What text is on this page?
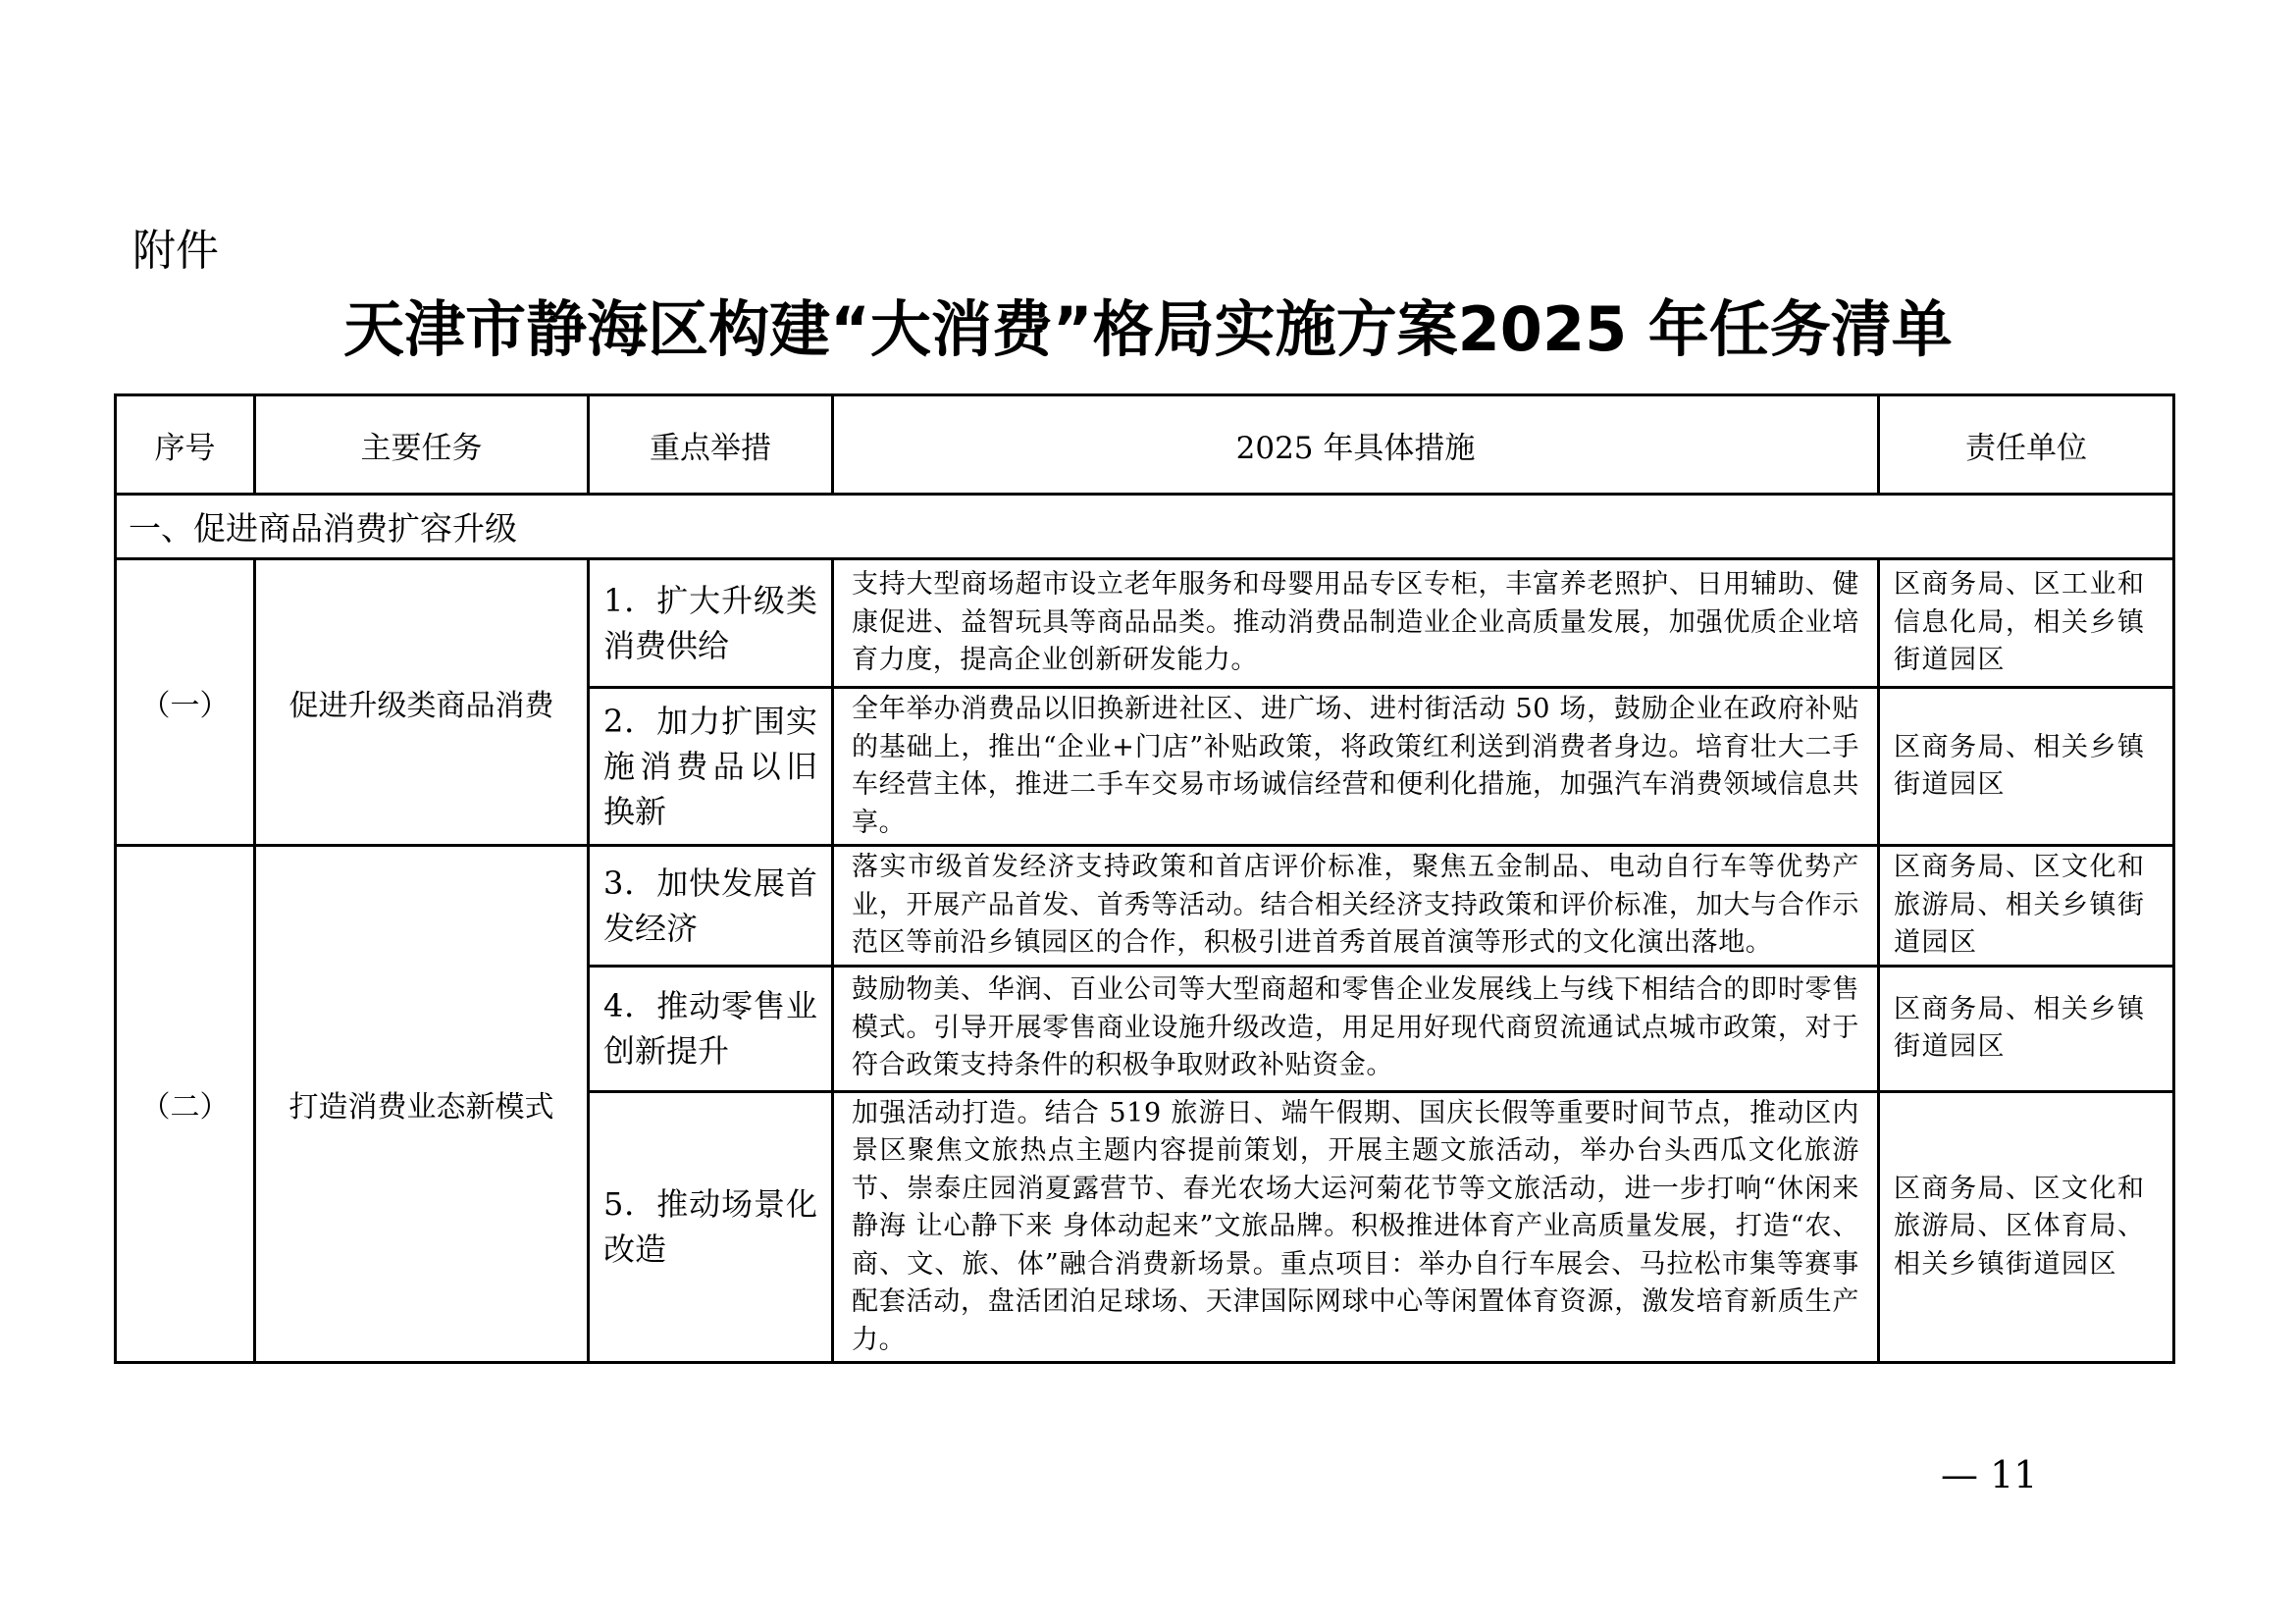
附件
天津市静海区构建“大消费”格局实施方案2025 年任务清单
序号	主要任务	重点举措	2025 年具体措施	责任单位
一、促进商品消费扩容升级				
（一）	促进升级类商品消费	1．扩大升级类消费供给	支持大型商场超市设立老年服务和母婴用品专区专柜，丰富养老照护、日用辅助、健康促进、益智玩具等商品品类。推动消费品制造业企业高质量发展，加强优质企业培育力度，提高企业创新研发能力。	区商务局、区工业和信息化局，相关乡镇街道园区
		2．加力扩围实施消费品以旧换新	全年举办消费品以旧换新进社区、进广场、进村街活动 50 场，鼓励企业在政府补贴的基础上，推出“企业+门店”补贴政策，将政策红利送到消费者身边。培育壮大二手车经营主体，推进二手车交易市场诚信经营和便利化措施，加强汽车消费领域信息共享。	区商务局、相关乡镇街道园区
（二）	打造消费业态新模式	3．加快发展首发经济	落实市级首发经济支持政策和首店评价标准，聚焦五金制品、电动自行车等优势产业，开展产品首发、首秀等活动。结合相关经济支持政策和评价标准，加大与合作示范区等前沿乡镇园区的合作，积极引进首秀首展首演等形式的文化演出落地。	区商务局、区文化和旅游局、相关乡镇街道园区
		4．推动零售业创新提升	鼓励物美、华润、百业公司等大型商超和零售企业发展线上与线下相结合的即时零售模式。引导开展零售商业设施升级改造，用足用好现代商贸流通试点城市政策，对于符合政策支持条件的积极争取财政补贴资金。	区商务局、相关乡镇街道园区
		5．推动场景化改造	加强活动打造。结合 519 旅游日、端午假期、国庆长假等重要时间节点，推动区内景区聚焦文旅热点主题内容提前策划，开展主题文旅活动，举办台头西瓜文化旅游节、崇泰庄园消夏露营节、春光农场大运河菊花节等文旅活动，进一步打响“休闲来静海 让心静下来 身体动起来”文旅品牌。积极推进体育产业高质量发展，打造“农、商、文、旅、体”融合消费新场景。重点项目：举办自行车展会、马拉松市集等赛事配套活动，盘活团泊足球场、天津国际网球中心等闲置体育资源，激发培育新质生产力。	区商务局、区文化和旅游局、区体育局、相关乡镇街道园区
— 11
